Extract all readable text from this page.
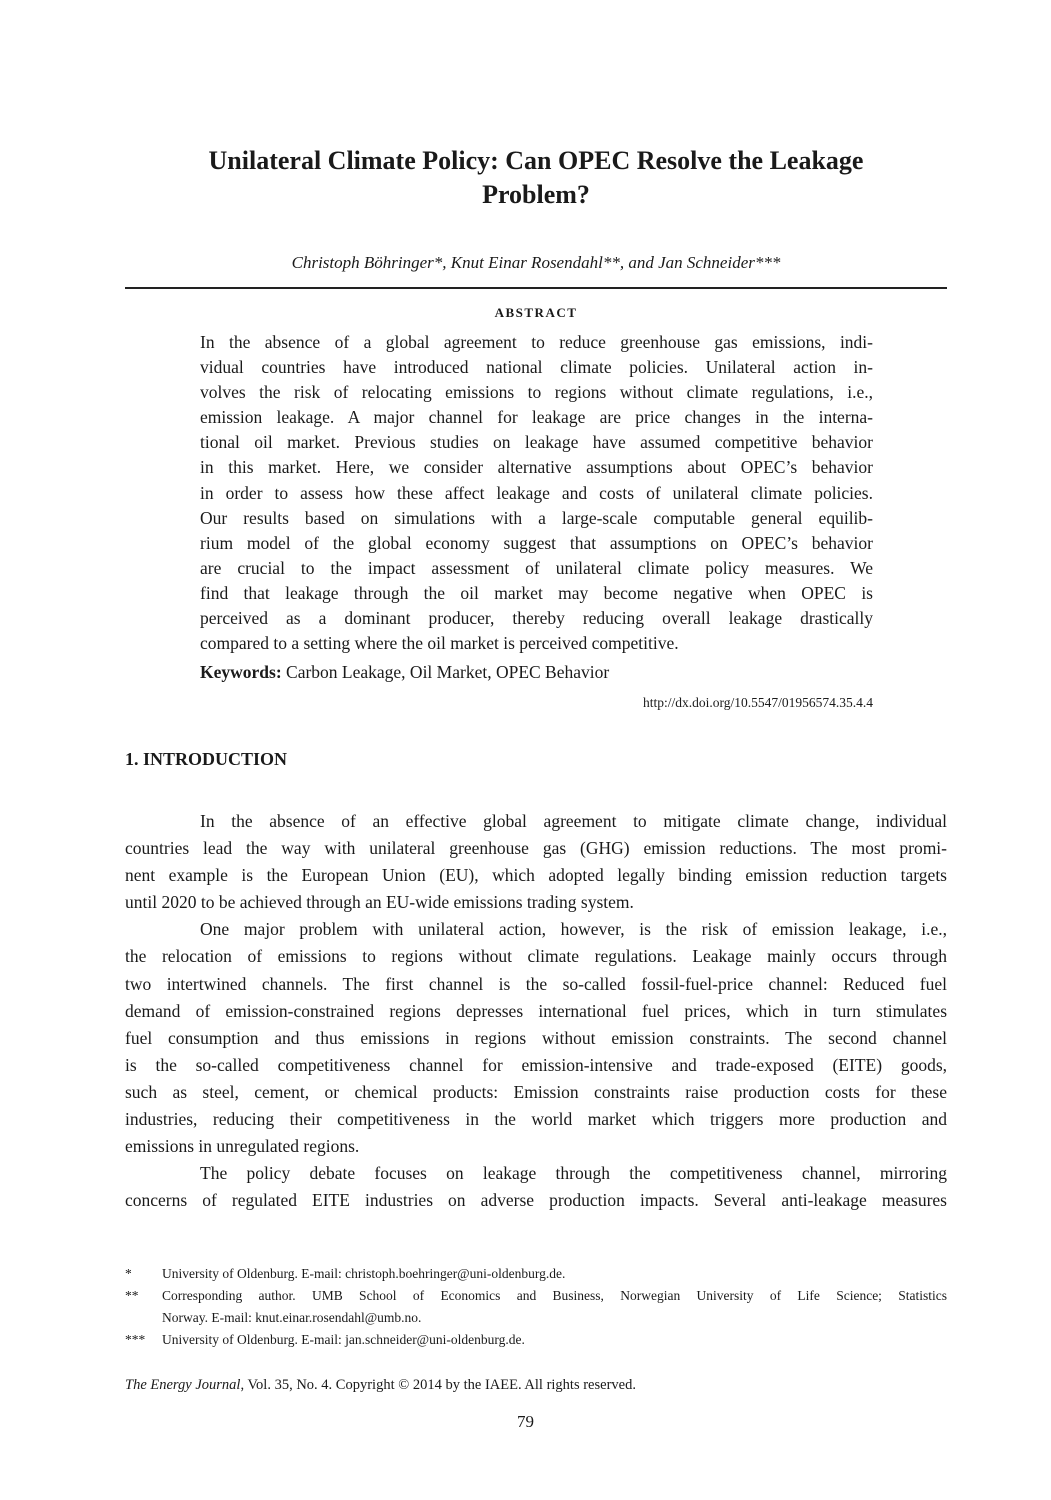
Unilateral Climate Policy: Can OPEC Resolve the Leakage
Problem?
Christoph Böhringer*, Knut Einar Rosendahl**, and Jan Schneider***
ABSTRACT
In the absence of a global agreement to reduce greenhouse gas emissions, indi-
vidual countries have introduced national climate policies. Unilateral action in-
volves the risk of relocating emissions to regions without climate regulations, i.e.,
emission leakage. A major channel for leakage are price changes in the interna-
tional oil market. Previous studies on leakage have assumed competitive behavior
in this market. Here, we consider alternative assumptions about OPEC’s behavior
in order to assess how these affect leakage and costs of unilateral climate policies.
Our results based on simulations with a large-scale computable general equilib-
rium model of the global economy suggest that assumptions on OPEC’s behavior
are crucial to the impact assessment of unilateral climate policy measures. We
find that leakage through the oil market may become negative when OPEC is
perceived as a dominant producer, thereby reducing overall leakage drastically
compared to a setting where the oil market is perceived competitive.
Keywords: Carbon Leakage, Oil Market, OPEC Behavior
http://dx.doi.org/10.5547/01956574.35.4.4
1. INTRODUCTION
In the absence of an effective global agreement to mitigate climate change, individual
countries lead the way with unilateral greenhouse gas (GHG) emission reductions. The most promi-
nent example is the European Union (EU), which adopted legally binding emission reduction targets
until 2020 to be achieved through an EU-wide emissions trading system.
One major problem with unilateral action, however, is the risk of emission leakage, i.e.,
the relocation of emissions to regions without climate regulations. Leakage mainly occurs through
two intertwined channels. The first channel is the so-called fossil-fuel-price channel: Reduced fuel
demand of emission-constrained regions depresses international fuel prices, which in turn stimulates
fuel consumption and thus emissions in regions without emission constraints. The second channel
is the so-called competitiveness channel for emission-intensive and trade-exposed (EITE) goods,
such as steel, cement, or chemical products: Emission constraints raise production costs for these
industries, reducing their competitiveness in the world market which triggers more production and
emissions in unregulated regions.
The policy debate focuses on leakage through the competitiveness channel, mirroring
concerns of regulated EITE industries on adverse production impacts. Several anti-leakage measures
* University of Oldenburg. E-mail: christoph.boehringer@uni-oldenburg.de.
** Corresponding author. UMB School of Economics and Business, Norwegian University of Life Science; Statistics
Norway. E-mail: knut.einar.rosendahl@umb.no.
*** University of Oldenburg. E-mail: jan.schneider@uni-oldenburg.de.
The Energy Journal, Vol. 35, No. 4. Copyright © 2014 by the IAEE. All rights reserved.
79
